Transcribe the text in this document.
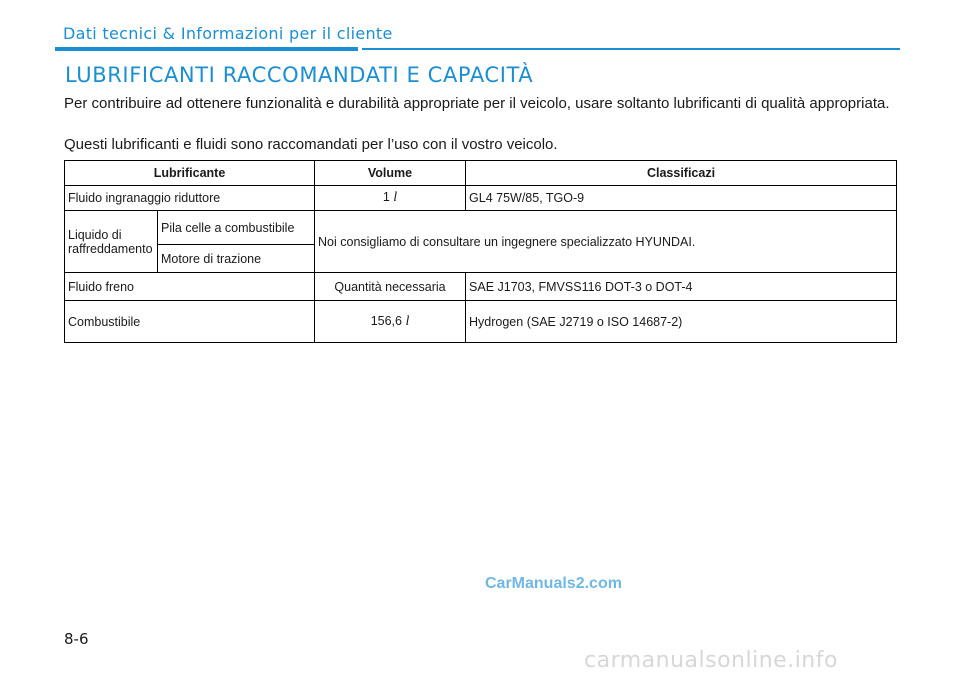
Dati tecnici & Informazioni per il cliente
LUBRIFICANTI RACCOMANDATI E CAPACITÀ

Per contribuire ad ottenere funzionalità e durabilità appropriate per il veicolo, usare soltanto lubrificanti di qualità appropriata.

Questi lubrificanti e fluidi sono raccomandati per l’uso con il vostro veicolo.

Lubrificante		Volume	Classificazi
Fluido ingranaggio riduttore		1 l	GL4 75W/85, TGO-9
Liquido di raffreddamento	Pila celle a combustibile	Noi consigliamo di consultare un ingegnere specializzato HYUNDAI.	
	Motore di trazione		
Fluido freno		Quantità necessaria	SAE J1703, FMVSS116 DOT-3 o DOT-4
Combustibile		156,6 l	Hydrogen (SAE J2719 o ISO 14687-2)
CarManuals2.com
8-6
carmanualsonline.info
